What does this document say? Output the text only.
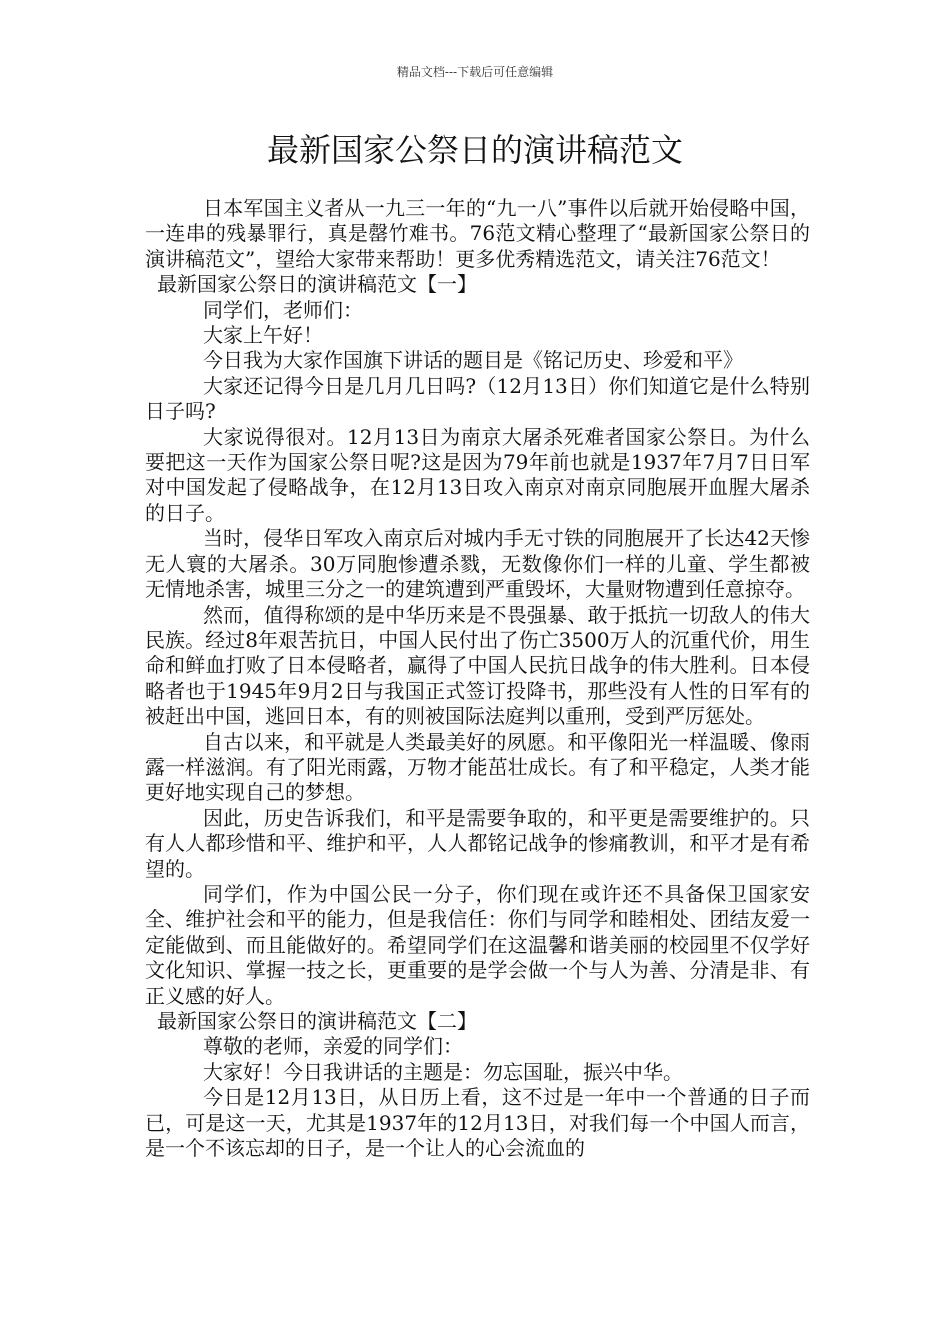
精品文档---下载后可任意编辑
最新国家公祭日的演讲稿范文

日本军国主义者从一九三一年的“九一八”事件以后就开始侵略中国，一连串的残暴罪行，真是罄竹难书。76范文精心整理了“最新国家公祭日的演讲稿范文”，望给大家带来帮助！更多优秀精选范文，请关注76范文！

最新国家公祭日的演讲稿范文【一】

同学们，老师们：

大家上午好！

今日我为大家作国旗下讲话的题目是《铭记历史、珍爱和平》

大家还记得今日是几月几日吗?（12月13日）你们知道它是什么特别日子吗?

大家说得很对。12月13日为南京大屠杀死难者国家公祭日。为什么要把这一天作为国家公祭日呢?这是因为79年前也就是1937年7月7日日军对中国发起了侵略战争，在12月13日攻入南京对南京同胞展开血腥大屠杀的日子。

当时，侵华日军攻入南京后对城内手无寸铁的同胞展开了长达42天惨无人寰的大屠杀。30万同胞惨遭杀戮，无数像你们一样的儿童、学生都被无情地杀害，城里三分之一的建筑遭到严重毁坏，大量财物遭到任意掠夺。

然而，值得称颂的是中华历来是不畏强暴、敢于抵抗一切敌人的伟大民族。经过8年艰苦抗日，中国人民付出了伤亡3500万人的沉重代价，用生命和鲜血打败了日本侵略者，赢得了中国人民抗日战争的伟大胜利。日本侵略者也于1945年9月2日与我国正式签订投降书，那些没有人性的日军有的被赶出中国，逃回日本，有的则被国际法庭判以重刑，受到严厉惩处。

自古以来，和平就是人类最美好的夙愿。和平像阳光一样温暖、像雨露一样滋润。有了阳光雨露，万物才能茁壮成长。有了和平稳定，人类才能更好地实现自己的梦想。

因此，历史告诉我们，和平是需要争取的，和平更是需要维护的。只有人人都珍惜和平、维护和平，人人都铭记战争的惨痛教训，和平才是有希望的。

同学们，作为中国公民一分子，你们现在或许还不具备保卫国家安全、维护社会和平的能力，但是我信任：你们与同学和睦相处、团结友爱一定能做到、而且能做好的。希望同学们在这温馨和谐美丽的校园里不仅学好文化知识、掌握一技之长，更重要的是学会做一个与人为善、分清是非、有正义感的好人。

最新国家公祭日的演讲稿范文【二】

尊敬的老师，亲爱的同学们：

大家好！今日我讲话的主题是：勿忘国耻，振兴中华。

今日是12月13日，从日历上看，这不过是一年中一个普通的日子而已，可是这一天，尤其是1937年的12月13日，对我们每一个中国人而言，是一个不该忘却的日子，是一个让人的心会流血的
